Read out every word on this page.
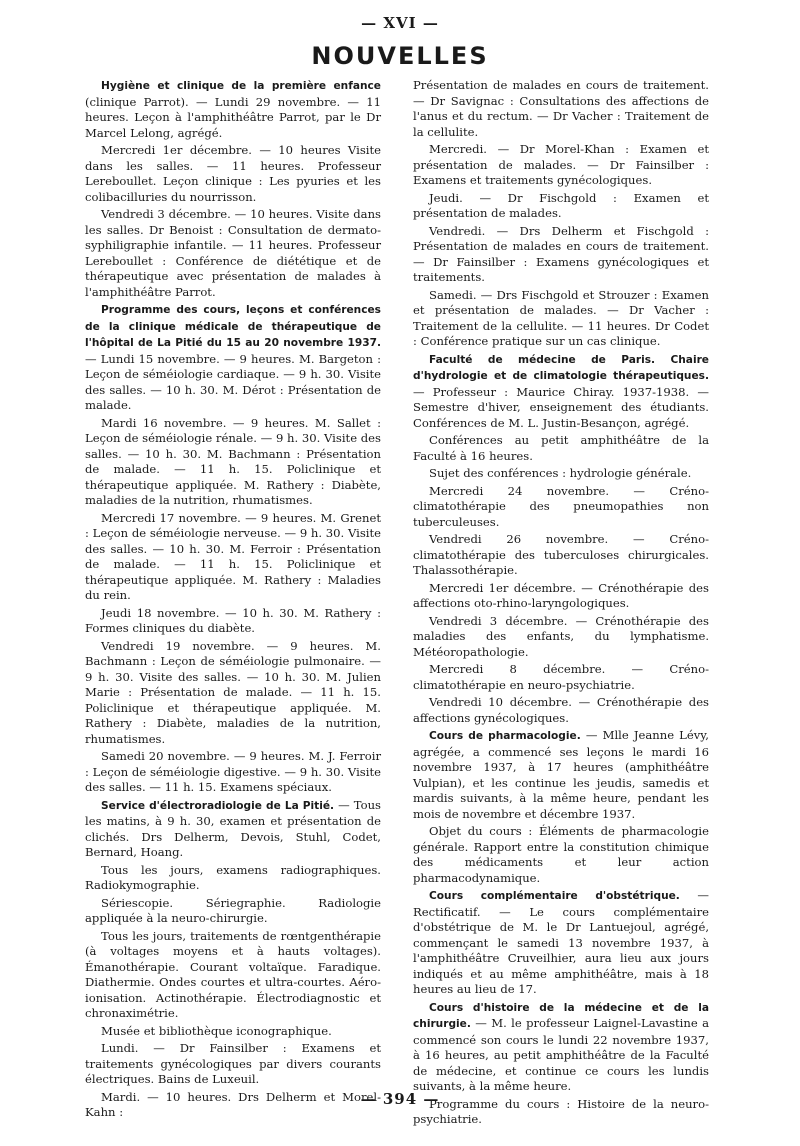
— XVI —
NOUVELLES

Hygiène et clinique de la première enfance (clinique Parrot). — Lundi 29 novembre. — 11 heures. Leçon à l'amphithéâtre Parrot, par le Dr Marcel Lelong, agrégé.

Mercredi 1er décembre. — 10 heures Visite dans les salles. — 11 heures. Professeur Lereboullet. Leçon clinique : Les pyuries et les colibacilluries du nourrisson.

Vendredi 3 décembre. — 10 heures. Visite dans les salles. Dr Benoist : Consultation de dermato-syphiligraphie infantile. — 11 heures. Professeur Lereboullet : Conférence de diététique et de thérapeutique avec présentation de malades à l'amphithéâtre Parrot.

Programme des cours, leçons et conférences de la clinique médicale de thérapeutique de l'hôpital de La Pitié du 15 au 20 novembre 1937. — Lundi 15 novembre. — 9 heures. M. Bargeton : Leçon de séméiologie cardiaque. — 9 h. 30. Visite des salles. — 10 h. 30. M. Dérot : Présentation de malade.

Mardi 16 novembre. — 9 heures. M. Sallet : Leçon de séméiologie rénale. — 9 h. 30. Visite des salles. — 10 h. 30. M. Bachmann : Présentation de malade. — 11 h. 15. Policlinique et thérapeutique appliquée. M. Rathery : Diabète, maladies de la nutrition, rhumatismes.

Mercredi 17 novembre. — 9 heures. M. Grenet : Leçon de séméiologie nerveuse. — 9 h. 30. Visite des salles. — 10 h. 30. M. Ferroir : Présentation de malade. — 11 h. 15. Policlinique et thérapeutique appliquée. M. Rathery : Maladies du rein.

Jeudi 18 novembre. — 10 h. 30. M. Rathery : Formes cliniques du diabète.

Vendredi 19 novembre. — 9 heures. M. Bachmann : Leçon de séméiologie pulmonaire. — 9 h. 30. Visite des salles. — 10 h. 30. M. Julien Marie : Présentation de malade. — 11 h. 15. Policlinique et thérapeutique appliquée. M. Rathery : Diabète, maladies de la nutrition, rhumatismes.

Samedi 20 novembre. — 9 heures. M. J. Ferroir : Leçon de séméiologie digestive. — 9 h. 30. Visite des salles. — 11 h. 15. Examens spéciaux.

Service d'électroradiologie de La Pitié. — Tous les matins, à 9 h. 30, examen et présentation de clichés. Drs Delherm, Devois, Stuhl, Codet, Bernard, Hoang.

Tous les jours, examens radiographiques. Radiokymographie.

Sériescopie. Sériegraphie. Radiologie appliquée à la neuro-chirurgie.

Tous les jours, traitements de rœntgenthérapie (à voltages moyens et à hauts voltages). Émanothérapie. Courant voltaïque. Faradique. Diathermie. Ondes courtes et ultra-courtes. Aéro-ionisation. Actinothérapie. Électrodiagnostic et chronaximétrie.

Musée et bibliothèque iconographique.

Lundi. — Dr Fainsilber : Examens et traitements gynécologiques par divers courants électriques. Bains de Luxeuil.

Mardi. — 10 heures. Drs Delherm et Morel-Kahn :

Présentation de malades en cours de traitement. — Dr Savignac : Consultations des affections de l'anus et du rectum. — Dr Vacher : Traitement de la cellulite.

Mercredi. — Dr Morel-Khan : Examen et présentation de malades. — Dr Fainsilber : Examens et traitements gynécologiques.

Jeudi. — Dr Fischgold : Examen et présentation de malades.

Vendredi. — Drs Delherm et Fischgold : Présentation de malades en cours de traitement. — Dr Fainsilber : Examens gynécologiques et traitements.

Samedi. — Drs Fischgold et Strouzer : Examen et présentation de malades. — Dr Vacher : Traitement de la cellulite. — 11 heures. Dr Codet : Conférence pratique sur un cas clinique.

Faculté de médecine de Paris. Chaire d'hydrologie et de climatologie thérapeutiques. — Professeur : Maurice Chiray. 1937-1938. — Semestre d'hiver, enseignement des étudiants. Conférences de M. L. Justin-Besançon, agrégé.

Conférences au petit amphithéâtre de la Faculté à 16 heures.

Sujet des conférences : hydrologie générale.

Mercredi 24 novembre. — Créno-climatothérapie des pneumopathies non tuberculeuses.

Vendredi 26 novembre. — Créno-climatothérapie des tuberculoses chirurgicales. Thalassothérapie.

Mercredi 1er décembre. — Crénothérapie des affections oto-rhino-laryngologiques.

Vendredi 3 décembre. — Crénothérapie des maladies des enfants, du lymphatisme. Météoropathologie.

Mercredi 8 décembre. — Créno-climatothérapie en neuro-psychiatrie.

Vendredi 10 décembre. — Crénothérapie des affections gynécologiques.

Cours de pharmacologie. — Mlle Jeanne Lévy, agrégée, a commencé ses leçons le mardi 16 novembre 1937, à 17 heures (amphithéâtre Vulpian), et les continue les jeudis, samedis et mardis suivants, à la même heure, pendant les mois de novembre et décembre 1937.

Objet du cours : Éléments de pharmacologie générale. Rapport entre la constitution chimique des médicaments et leur action pharmacodynamique.

Cours complémentaire d'obstétrique. — Rectificatif. — Le cours complémentaire d'obstétrique de M. le Dr Lantuejoul, agrégé, commençant le samedi 13 novembre 1937, à l'amphithéâtre Cruveilhier, aura lieu aux jours indiqués et au même amphithéâtre, mais à 18 heures au lieu de 17.

Cours d'histoire de la médecine et de la chirurgie. — M. le professeur Laignel-Lavastine a commencé son cours le lundi 22 novembre 1937, à 16 heures, au petit amphithéâtre de la Faculté de médecine, et continue ce cours les lundis suivants, à la même heure.

Programme du cours : Histoire de la neuro-psychiatrie.

— 394 —
